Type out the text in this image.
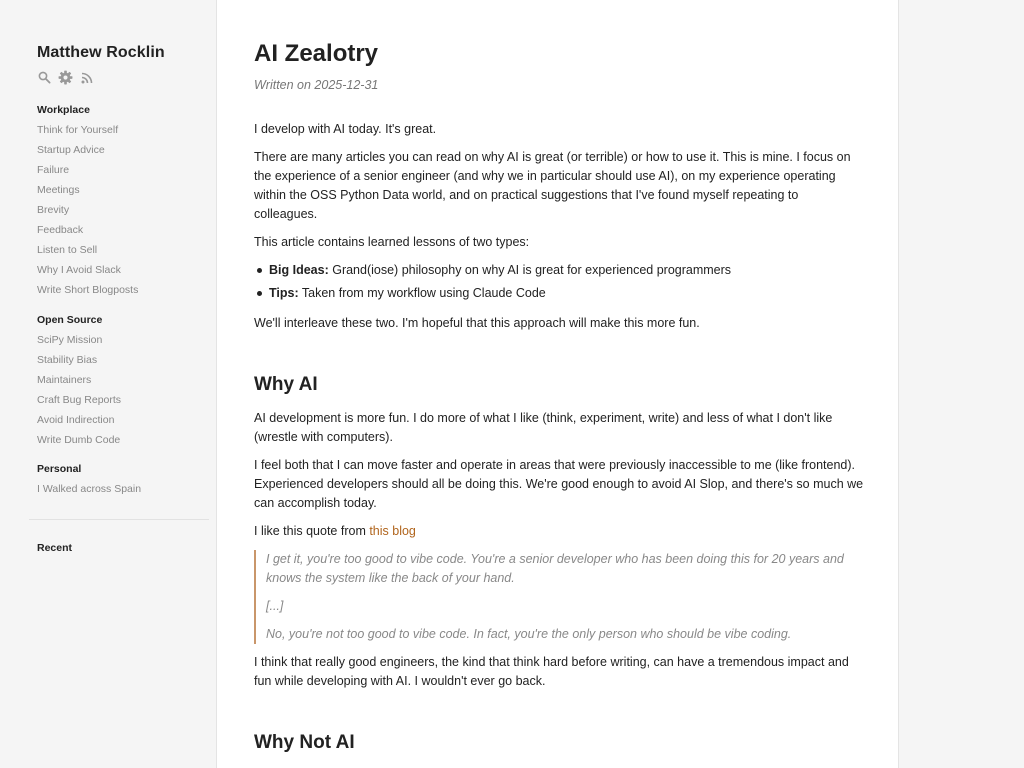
Matthew Rocklin
Workplace
Think for Yourself
Startup Advice
Failure
Meetings
Brevity
Feedback
Listen to Sell
Why I Avoid Slack
Write Short Blogposts
Open Source
SciPy Mission
Stability Bias
Maintainers
Craft Bug Reports
Avoid Indirection
Write Dumb Code
Personal
I Walked across Spain
Recent
AI Zealotry
Written on 2025-12-31

I develop with AI today. It's great.

There are many articles you can read on why AI is great (or terrible) or how to use it. This is mine. I focus on the experience of a senior engineer (and why we in particular should use AI), on my experience operating within the OSS Python Data world, and on practical suggestions that I've found myself repeating to colleagues.

This article contains learned lessons of two types:

Big Ideas: Grand(iose) philosophy on why AI is great for experienced programmers
Tips: Taken from my workflow using Claude Code

We'll interleave these two. I'm hopeful that this approach will make this more fun.

Why AI

AI development is more fun. I do more of what I like (think, experiment, write) and less of what I don't like (wrestle with computers).

I feel both that I can move faster and operate in areas that were previously inaccessible to me (like frontend). Experienced developers should all be doing this. We're good enough to avoid AI Slop, and there's so much we can accomplish today.

I like this quote from this blog

I get it, you're too good to vibe code. You're a senior developer who has been doing this for 20 years and knows the system like the back of your hand.

[...]

No, you're not too good to vibe code. In fact, you're the only person who should be vibe coding.

I think that really good engineers, the kind that think hard before writing, can have a tremendous impact and fun while developing with AI. I wouldn't ever go back.

Why Not AI
